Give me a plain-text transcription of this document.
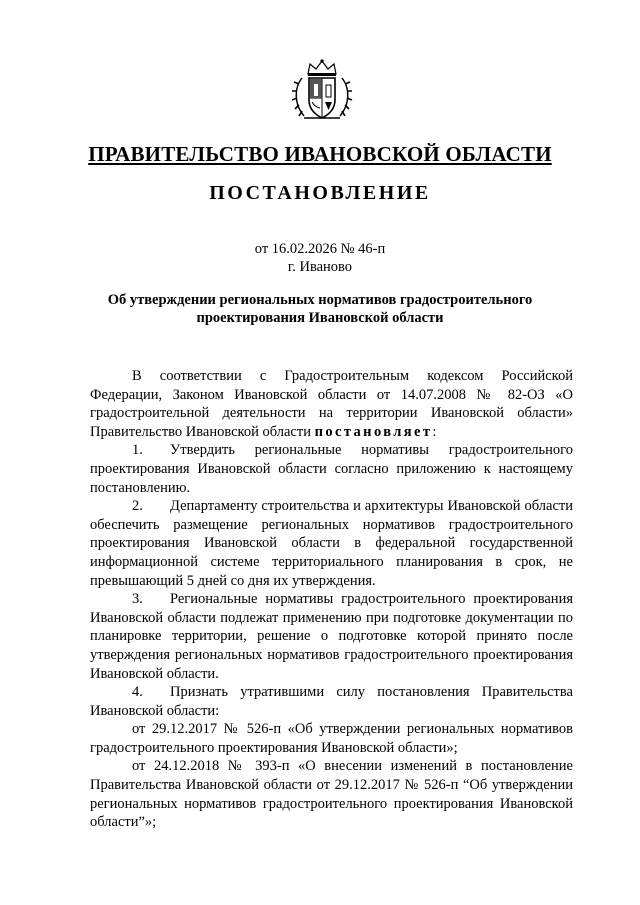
ПРАВИТЕЛЬСТВО ИВАНОВСКОЙ ОБЛАСТИ
ПОСТАНОВЛЕНИЕ
от 16.02.2026 № 46-п
г. Иваново
Об утверждении региональных нормативов градостроительного
проектирования Ивановской области

В соответствии с Градостроительным кодексом Российской Федерации, Законом Ивановской области от 14.07.2008 № 82-ОЗ «О градостроительной деятельности на территории Ивановской области» Правительство Ивановской области постановляет:

1. Утвердить региональные нормативы градостроительного проектирования Ивановской области согласно приложению к настоящему постановлению.

2. Департаменту строительства и архитектуры Ивановской области обеспечить размещение региональных нормативов градостроительного проектирования Ивановской области в федеральной государственной информационной системе территориального планирования в срок, не превышающий 5 дней со дня их утверждения.

3. Региональные нормативы градостроительного проектирования Ивановской области подлежат применению при подготовке документации по планировке территории, решение о подготовке которой принято после утверждения региональных нормативов градостроительного проектирования Ивановской области.

4. Признать утратившими силу постановления Правительства Ивановской области:

от 29.12.2017 № 526-п «Об утверждении региональных нормативов градостроительного проектирования Ивановской области»;

от 24.12.2018 № 393-п «О внесении изменений в постановление Правительства Ивановской области от 29.12.2017 № 526-п “Об утверждении региональных нормативов градостроительного проектирования Ивановской области”»;
